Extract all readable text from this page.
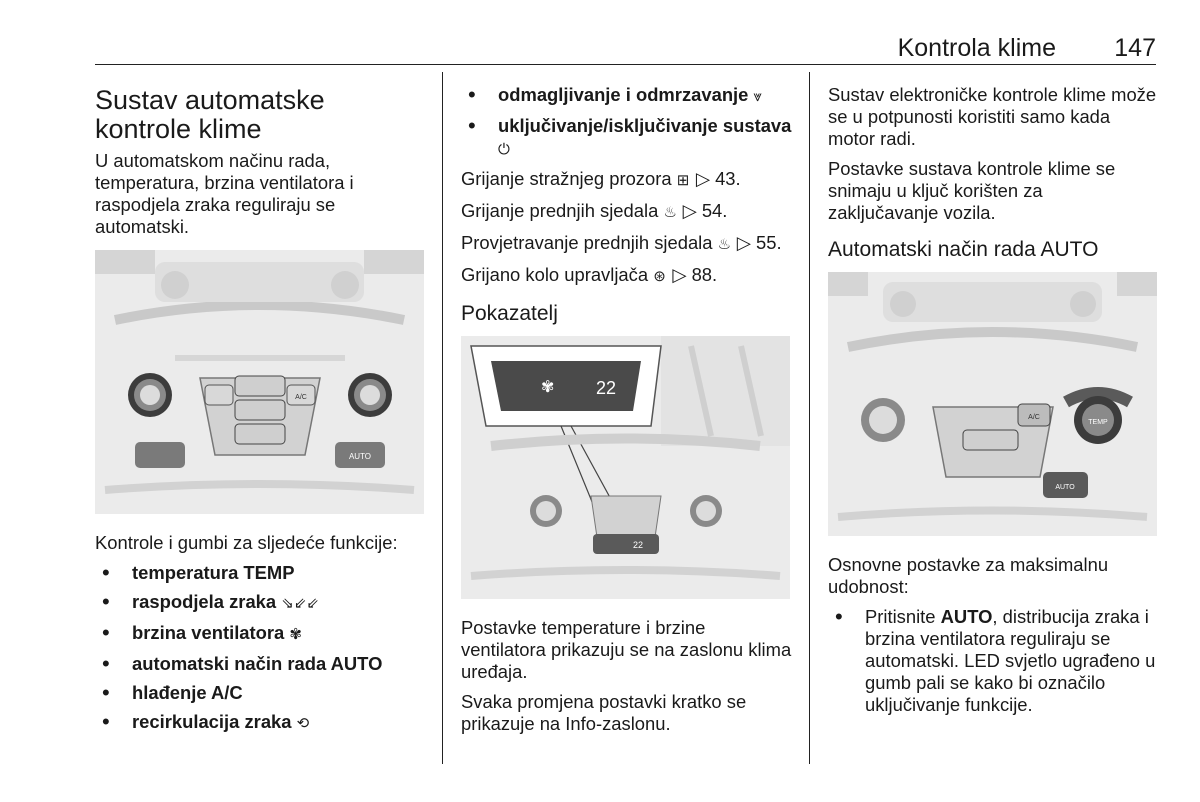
Kontrola klime 147
Sustav automatske kontrole klime

U automatskom načinu rada, temperatura, brzina ventilatora i raspodjela zraka reguliraju se automatski.

A/C
AUTO

Kontrole i gumbi za sljedeće funkcije:

• temperatura TEMP
• raspodjela zraka ⇘⇙⇙
• brzina ventilatora ✾
• automatski način rada AUTO
• hlađenje A/C
• recirkulacija zraka ⟲
• odmagljivanje i odmrzavanje ⩔
• uključivanje/isključivanje sustava
⏻

Grijanje stražnjeg prozora ⊞ ▷ 43.

Grijanje prednjih sjedala ♨ ▷ 54.

Provjetravanje prednjih sjedala ♨ ▷ 55.

Grijano kolo upravljača ⊛ ▷ 88.

Pokazatelj
✾ 22
22

Postavke temperature i brzine ventilatora prikazuju se na zaslonu klima uređaja.

Svaka promjena postavki kratko se prikazuje na Info-zaslonu.

Sustav elektroničke kontrole klime može se u potpunosti koristiti samo kada motor radi.

Postavke sustava kontrole klime se snimaju u ključ korišten za zaključavanje vozila.

Automatski način rada AUTO
A/C
TEMP
AUTO

Osnovne postavke za maksimalnu udobnost:

• Pritisnite AUTO, distribucija zraka i brzina ventilatora reguliraju se automatski. LED svjetlo ugrađeno u gumb pali se kako bi označilo uključivanje funkcije.
